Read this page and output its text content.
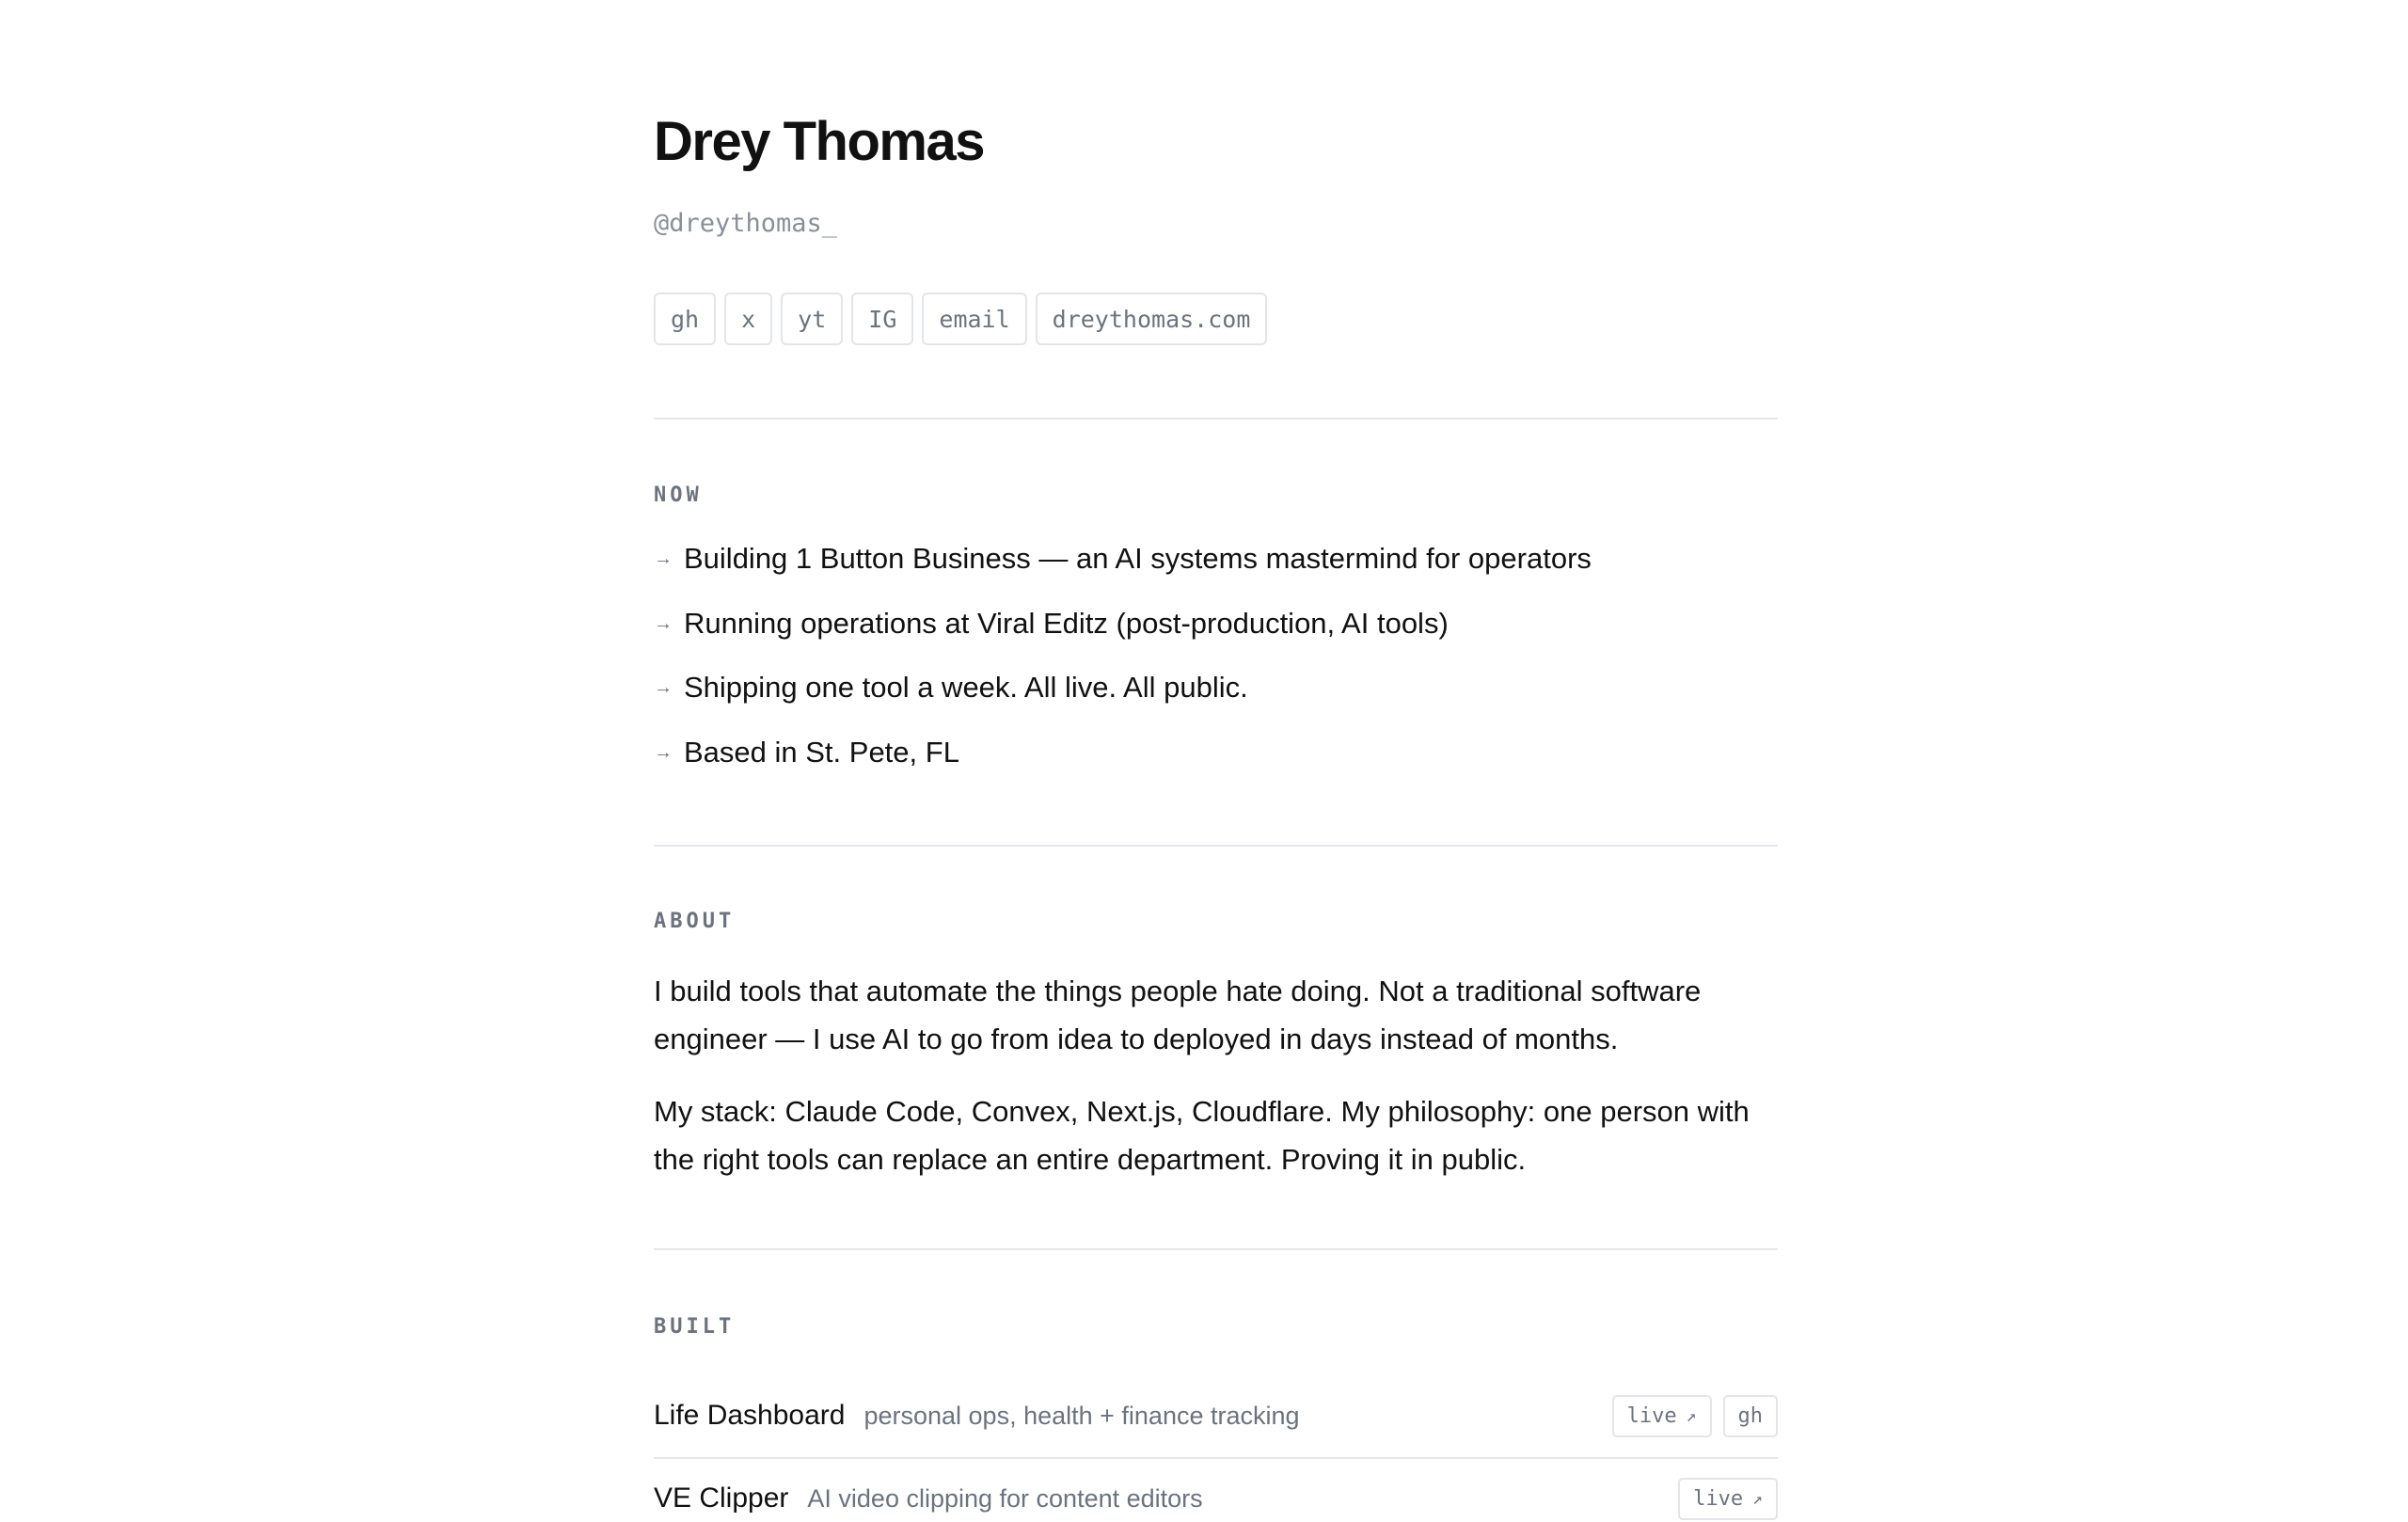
Drey Thomas
@dreythomas_
gh	x	yt	IG	email	dreythomas.com
NOW
→ Building 1 Button Business — an AI systems mastermind for operators
→ Running operations at Viral Editz (post-production, AI tools)
→ Shipping one tool a week. All live. All public.
→ Based in St. Pete, FL
ABOUT

I build tools that automate the things people hate doing. Not a traditional software engineer — I use AI to go from idea to deployed in days instead of months.

My stack: Claude Code, Convex, Next.js, Cloudflare. My philosophy: one person with the right tools can replace an entire department. Proving it in public.

BUILT
Life Dashboard personal ops, health + finance tracking	live ↗	gh
VE Clipper AI video clipping for content editors	live ↗
